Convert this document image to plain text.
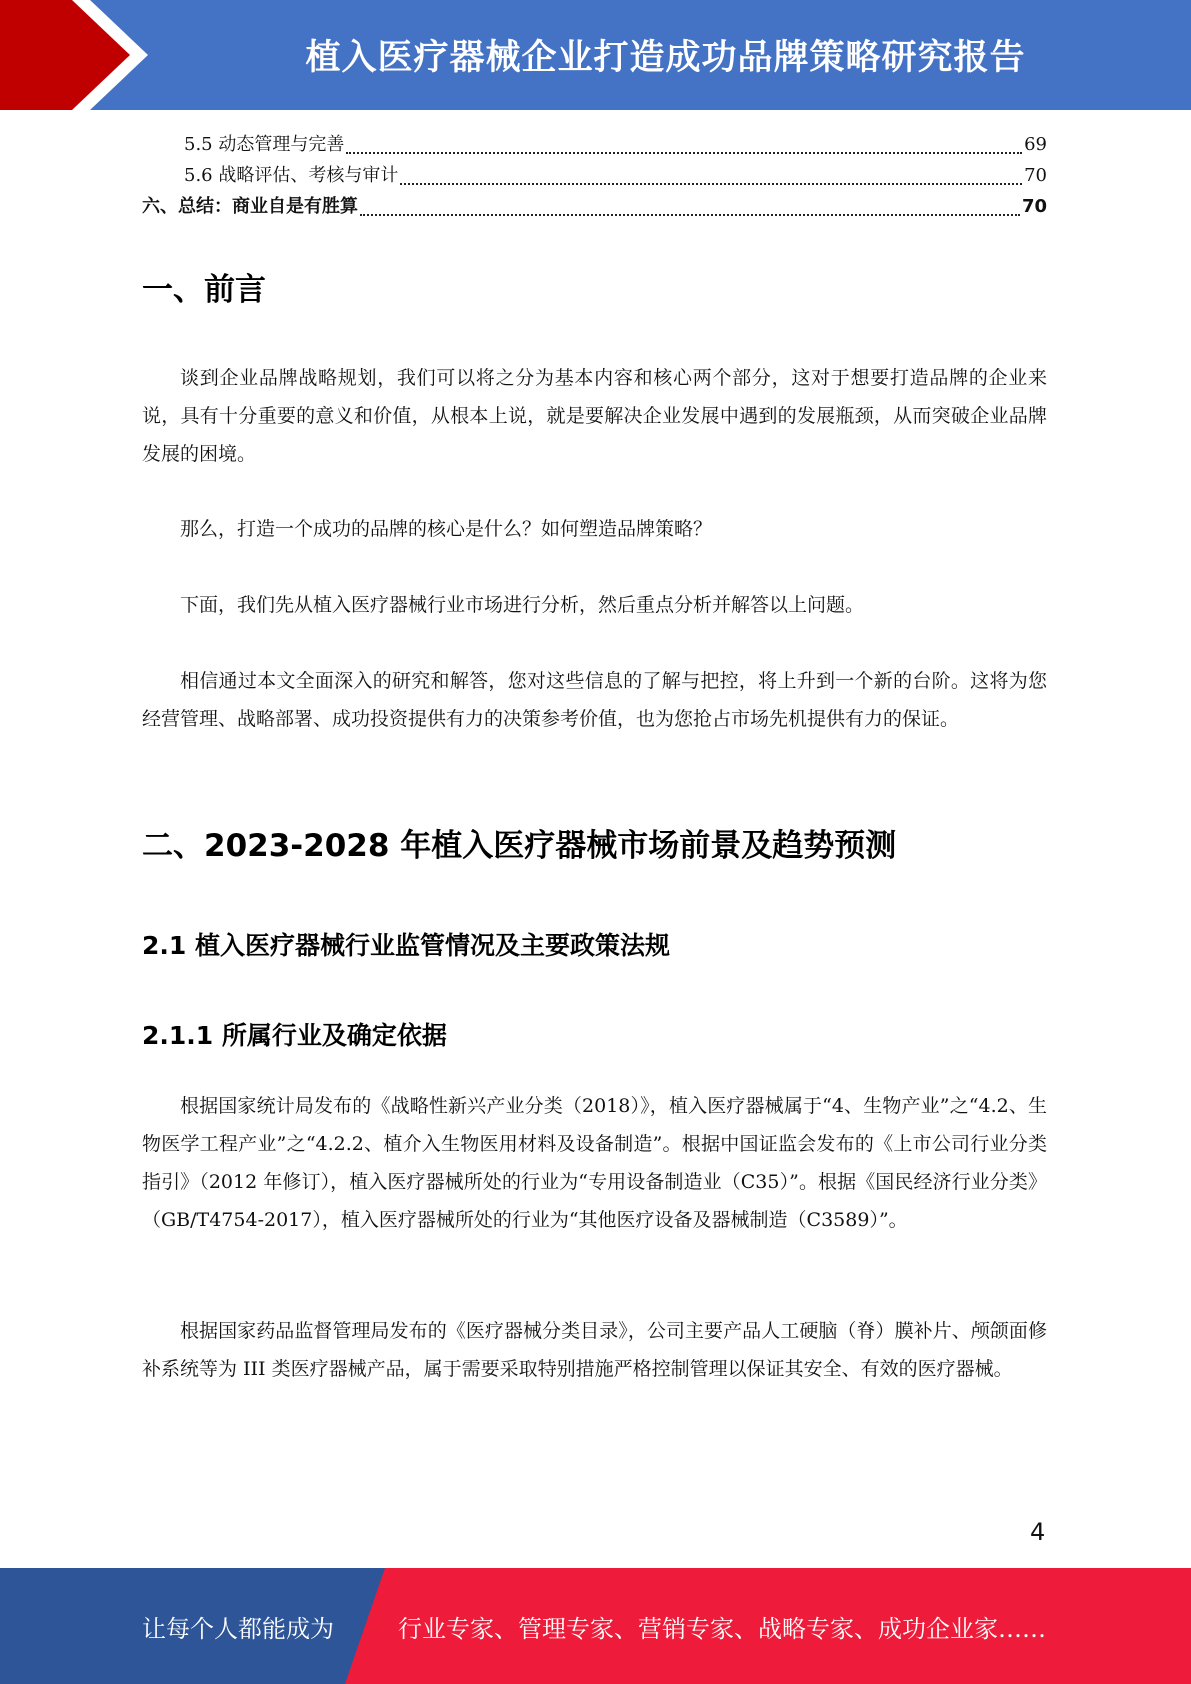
植入医疗器械企业打造成功品牌策略研究报告
5.5 动态管理与完善	69
5.6 战略评估、考核与审计	70
六、总结：商业自是有胜算	70
一、前言

谈到企业品牌战略规划，我们可以将之分为基本内容和核心两个部分，这对于想要打造品牌的企业来说，具有十分重要的意义和价值，从根本上说，就是要解决企业发展中遇到的发展瓶颈，从而突破企业品牌发展的困境。

那么，打造一个成功的品牌的核心是什么？如何塑造品牌策略？

下面，我们先从植入医疗器械行业市场进行分析，然后重点分析并解答以上问题。

相信通过本文全面深入的研究和解答，您对这些信息的了解与把控，将上升到一个新的台阶。这将为您经营管理、战略部署、成功投资提供有力的决策参考价值，也为您抢占市场先机提供有力的保证。

二、2023-2028 年植入医疗器械市场前景及趋势预测
2.1 植入医疗器械行业监管情况及主要政策法规
2.1.1 所属行业及确定依据

根据国家统计局发布的《战略性新兴产业分类（2018）》，植入医疗器械属于“4、生物产业”之“4.2、生物医学工程产业”之“4.2.2、植介入生物医用材料及设备制造”。根据中国证监会发布的《上市公司行业分类指引》（2012 年修订），植入医疗器械所处的行业为“专用设备制造业（C35）”。根据《国民经济行业分类》（GB/T4754-2017），植入医疗器械所处的行业为“其他医疗设备及器械制造（C3589）”。

根据国家药品监督管理局发布的《医疗器械分类目录》，公司主要产品人工硬脑（脊）膜补片、颅颌面修补系统等为 III 类医疗器械产品，属于需要采取特别措施严格控制管理以保证其安全、有效的医疗器械。

4
让每个人都能成为	行业专家、管理专家、营销专家、战略专家、成功企业家……
